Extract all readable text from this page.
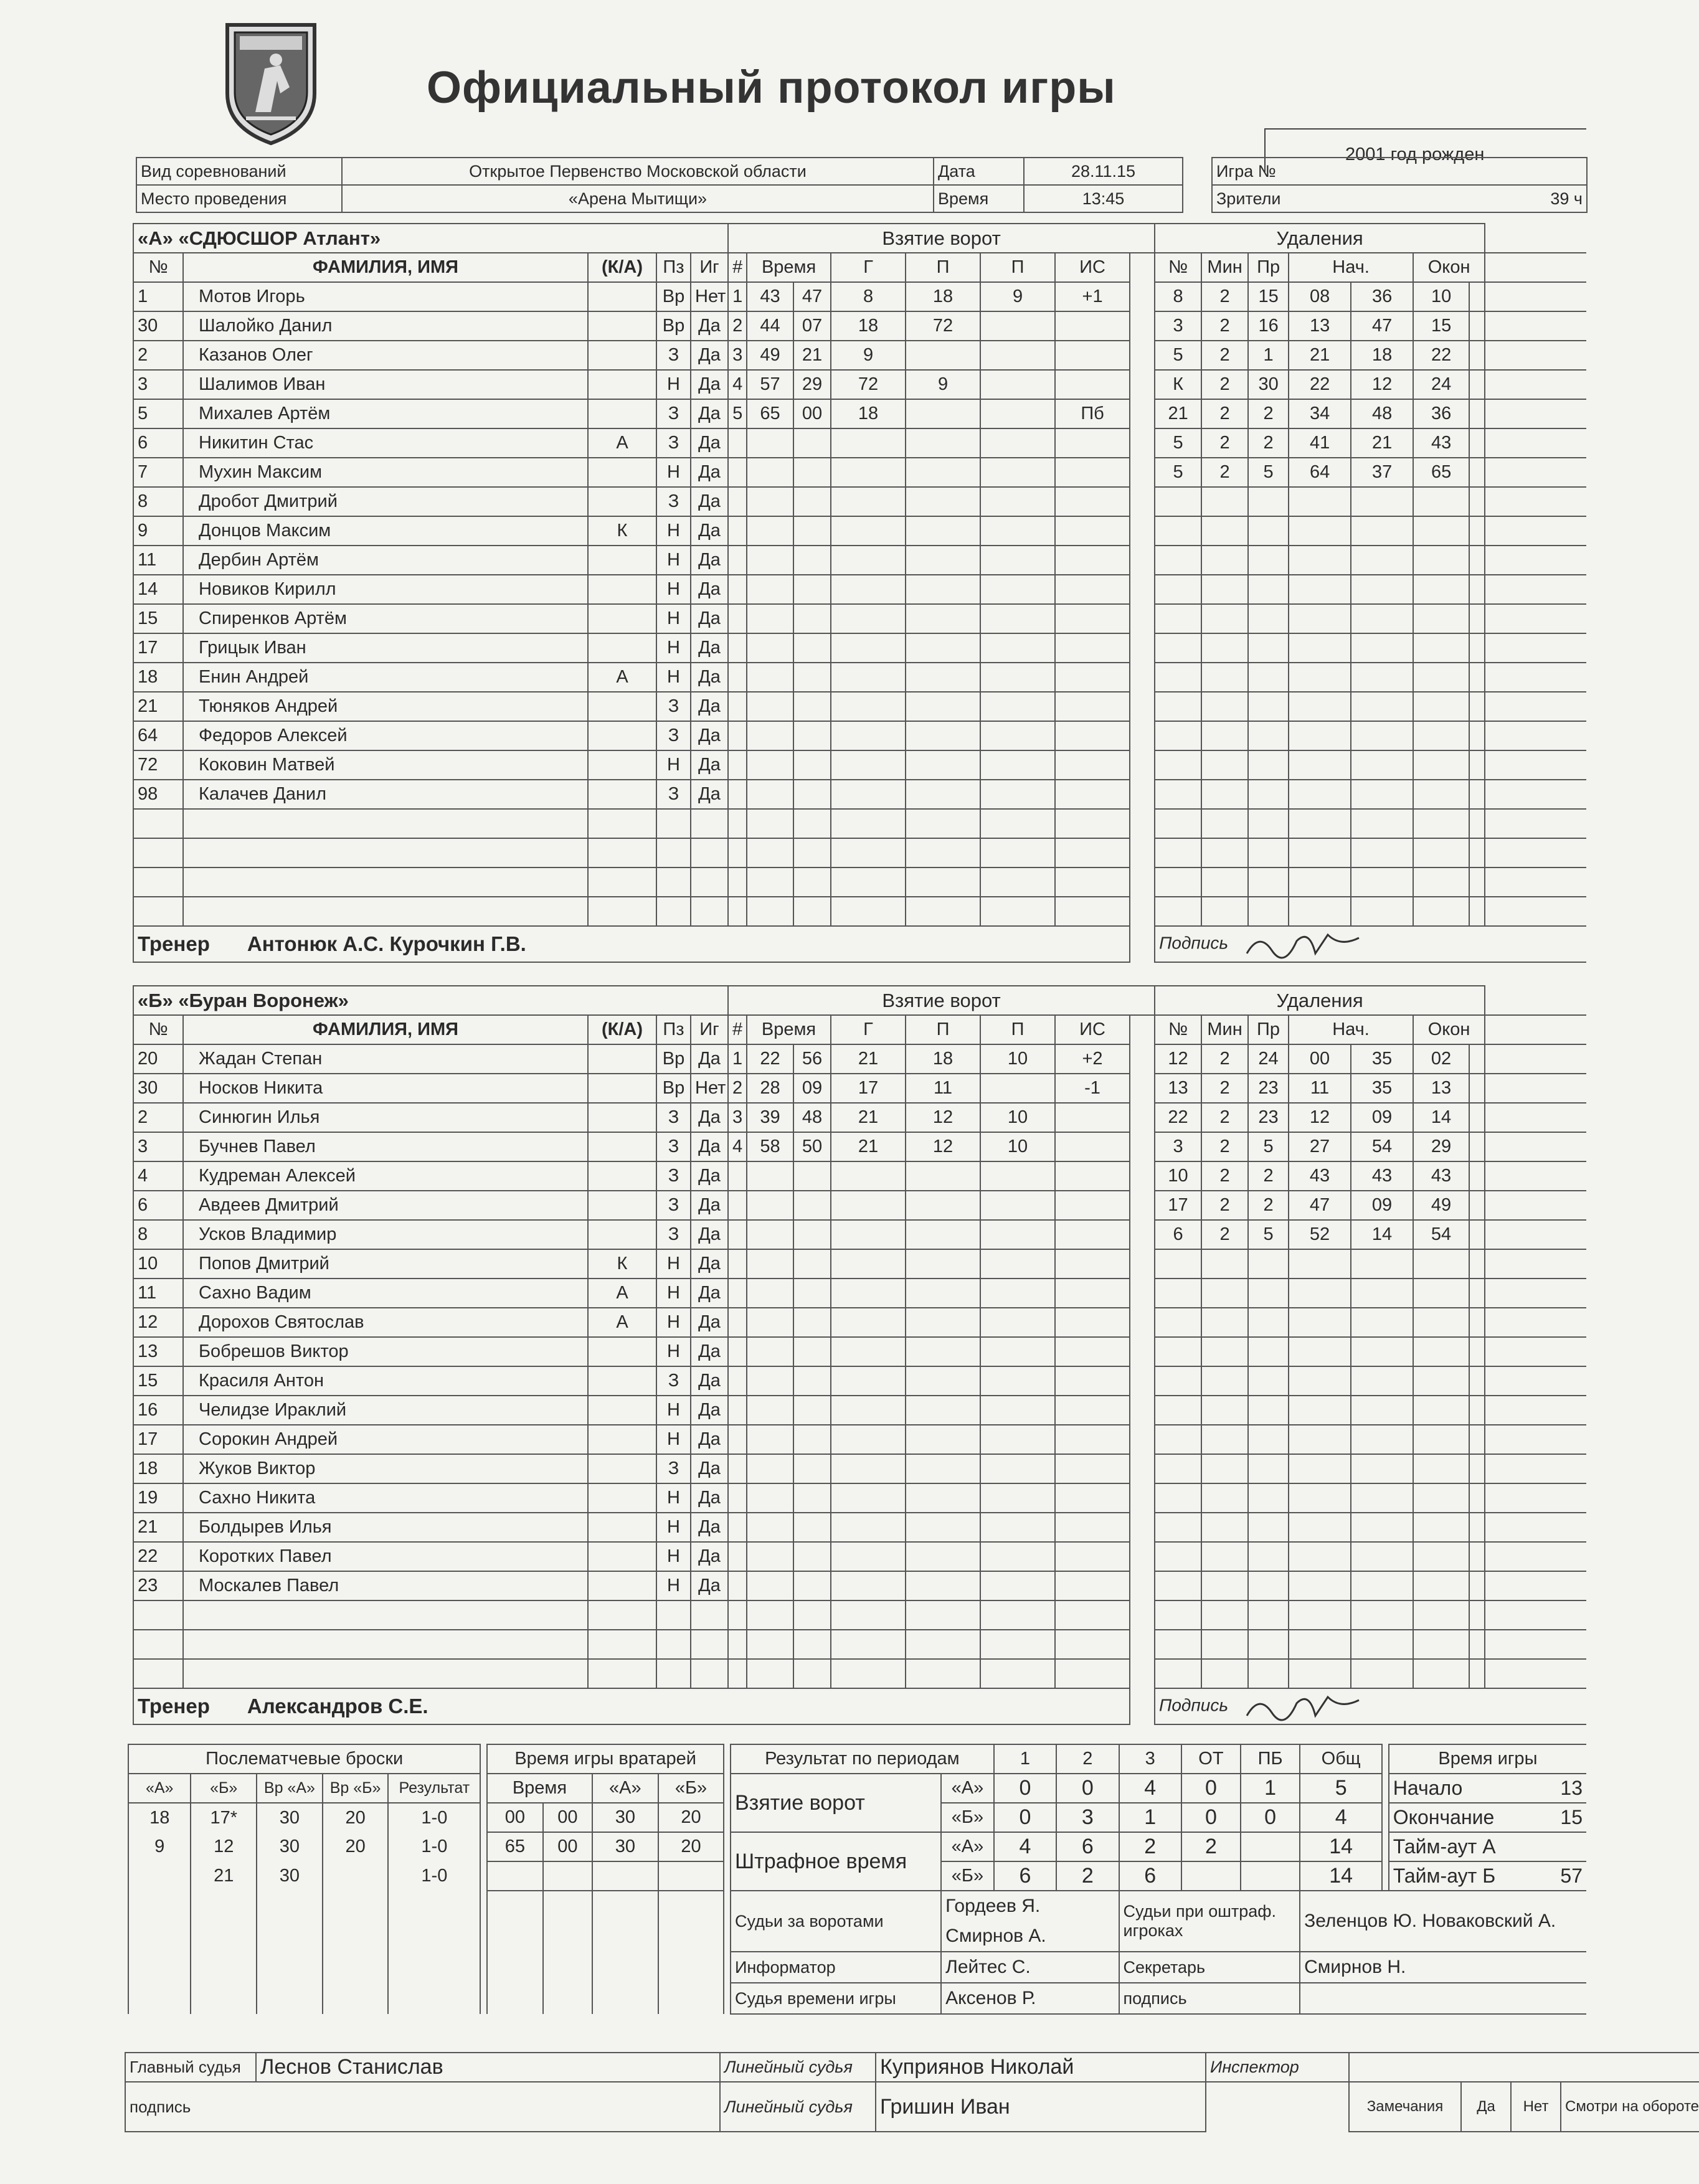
Официальный протокол игры
2001 год рожден
Вид соревнований	Открытое Первенство Московской области	Дата	28.11.15		Игра №
Место проведения	«Арена Мытищи»	Время	13:45		Зрители 39 ч
«А» «СДЮСШОР Атлант»					Взятие ворот								Удаления							
№	ФАМИЛИЯ, ИМЯ	(К/А)	Пз	Иг	#	Время		Г	П	П	ИС		№	Мин	Пр	Нач.		Окон		
1	Мотов Игорь		Вр	Нет	1	43	47	8	18	9	+1		8	2	15	08	36	10		
30	Шалойко Данил		Вр	Да	2	44	07	18	72				3	2	16	13	47	15		
2	Казанов Олег		З	Да	3	49	21	9					5	2	1	21	18	22		
3	Шалимов Иван		Н	Да	4	57	29	72	9				К	2	30	22	12	24		
5	Михалев Артём		З	Да	5	65	00	18			Пб		21	2	2	34	48	36		
6	Никитин Стас	А	З	Да									5	2	2	41	21	43		
7	Мухин Максим		Н	Да									5	2	5	64	37	65		
8	Дробот Дмитрий		З	Да																
9	Донцов Максим	К	Н	Да																
11	Дербин Артём		Н	Да																
14	Новиков Кирилл		Н	Да																
15	Спиренков Артём		Н	Да																
17	Грицык Иван		Н	Да																
18	Енин Андрей	А	Н	Да																
21	Тюняков Андрей		З	Да																
64	Федоров Алексей		З	Да																
72	Коковин Матвей		Н	Да																
98	Калачев Данил		З	Да																

Тренер Антонюк А.С. Курочкин Г.В.													Подпись							
«Б» «Буран Воронеж»					Взятие ворот								Удаления							
№	ФАМИЛИЯ, ИМЯ	(К/А)	Пз	Иг	#	Время		Г	П	П	ИС		№	Мин	Пр	Нач.		Окон		
20	Жадан Степан		Вр	Да	1	22	56	21	18	10	+2		12	2	24	00	35	02		
30	Носков Никита		Вр	Нет	2	28	09	17	11		-1		13	2	23	11	35	13		
2	Синюгин Илья		З	Да	3	39	48	21	12	10			22	2	23	12	09	14		
3	Бучнев Павел		З	Да	4	58	50	21	12	10			3	2	5	27	54	29		
4	Кудреман Алексей		З	Да									10	2	2	43	43	43		
6	Авдеев Дмитрий		З	Да									17	2	2	47	09	49		
8	Усков Владимир		З	Да									6	2	5	52	14	54		
10	Попов Дмитрий	К	Н	Да																
11	Сахно Вадим	А	Н	Да																
12	Дорохов Святослав	А	Н	Да																
13	Бобрешов Виктор		Н	Да																
15	Красиля Антон		З	Да																
16	Челидзе Ираклий		Н	Да																
17	Сорокин Андрей		Н	Да																
18	Жуков Виктор		З	Да																
19	Сахно Никита		Н	Да																
21	Болдырев Илья		Н	Да																
22	Коротких Павел		Н	Да																
23	Москалев Павел		Н	Да																

Тренер Александров С.Е.													Подпись							
Послематчевые броски						Время игры вратарей					Результат по периодам		1	2	3	ОТ	ПБ	Общ		Время игры
«А»	«Б»	Вр «А»	Вр «Б»	Результат		Время		«А»	«Б»		Взятие ворот	«А»	0	0	4	0	1	5		Начало 13

18	17*	30	20	1-0		00	00	30	20			«Б»	0	3	1	0	0	4		Окончание 15

9	12	30	20	1-0		65	00	30	20		Штрафное время	«А»	4	6	2	2		14		Тайм-аут А

	21	30		1-0								«Б»	6	2	6			14		Тайм-аут Б 57

											Судьи за воротами	Гордеев Я. Смирнов А.			Судьи при оштраф. игроках			Зеленцов Ю. Новаковский А.		
											Информатор	Лейтес С.			Секретарь			Смирнов Н.		
											Судья времени игры	Аксенов Р.			подпись					
Главный судья	Леснов Станислав	Линейный судья	Куприянов Николай	Инспектор				
подпись		Линейный судья	Гришин Иван		Замечания	Да	Нет	Смотри на обороте
